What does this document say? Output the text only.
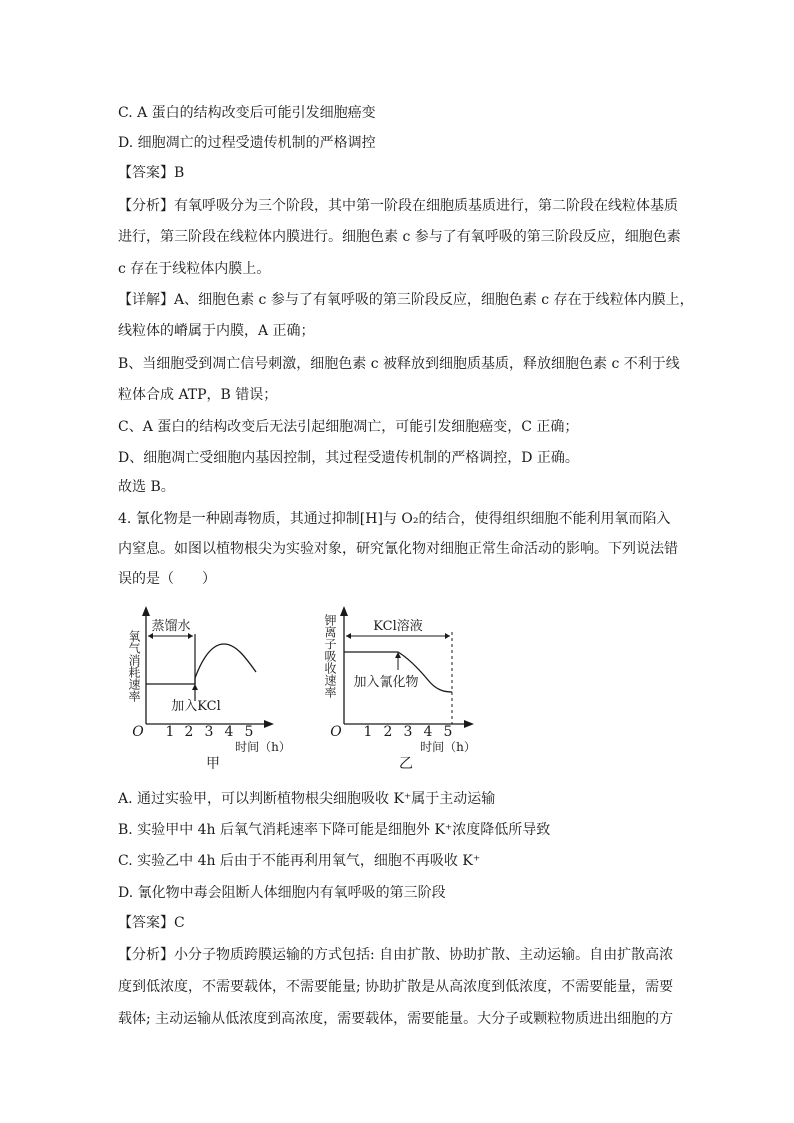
C. A 蛋白的结构改变后可能引发细胞癌变
D. 细胞凋亡的过程受遗传机制的严格调控
【答案】B
【分析】有氧呼吸分为三个阶段，其中第一阶段在细胞质基质进行，第二阶段在线粒体基质
进行，第三阶段在线粒体内膜进行。细胞色素 c 参与了有氧呼吸的第三阶段反应，细胞色素
c 存在于线粒体内膜上。
【详解】A、细胞色素 c 参与了有氧呼吸的第三阶段反应，细胞色素 c 存在于线粒体内膜上，
线粒体的嵴属于内膜，A 正确；
B、当细胞受到凋亡信号刺激，细胞色素 c 被释放到细胞质基质，释放细胞色素 c 不利于线
粒体合成 ATP，B 错误；
C、A 蛋白的结构改变后无法引起细胞凋亡，可能引发细胞癌变，C 正确；
D、细胞凋亡受细胞内基因控制，其过程受遗传机制的严格调控，D 正确。
故选 B。
4. 氰化物是一种剧毒物质，其通过抑制[H]与 O₂的结合，使得组织细胞不能利用氧而陷入
内窒息。如图以植物根尖为实验对象，研究氰化物对细胞正常生命活动的影响。下列说法错
误的是（　　）
氧气消耗速率
O 1 2 3 4 5
时间（h）
甲
蒸馏水
加入KCl
钾离子吸收速率
O 1 2 3 4 5
时间（h）
乙
KCl溶液
加入氰化物
A. 通过实验甲，可以判断植物根尖细胞吸收 K⁺属于主动运输
B. 实验甲中 4h 后氧气消耗速率下降可能是细胞外 K⁺浓度降低所导致
C. 实验乙中 4h 后由于不能再利用氧气，细胞不再吸收 K⁺
D. 氰化物中毒会阻断人体细胞内有氧呼吸的第三阶段
【答案】C
【分析】小分子物质跨膜运输的方式包括: 自由扩散、协助扩散、主动运输。自由扩散高浓
度到低浓度，不需要载体，不需要能量; 协助扩散是从高浓度到低浓度，不需要能量，需要
载体; 主动运输从低浓度到高浓度，需要载体，需要能量。大分子或颗粒物质进出细胞的方
